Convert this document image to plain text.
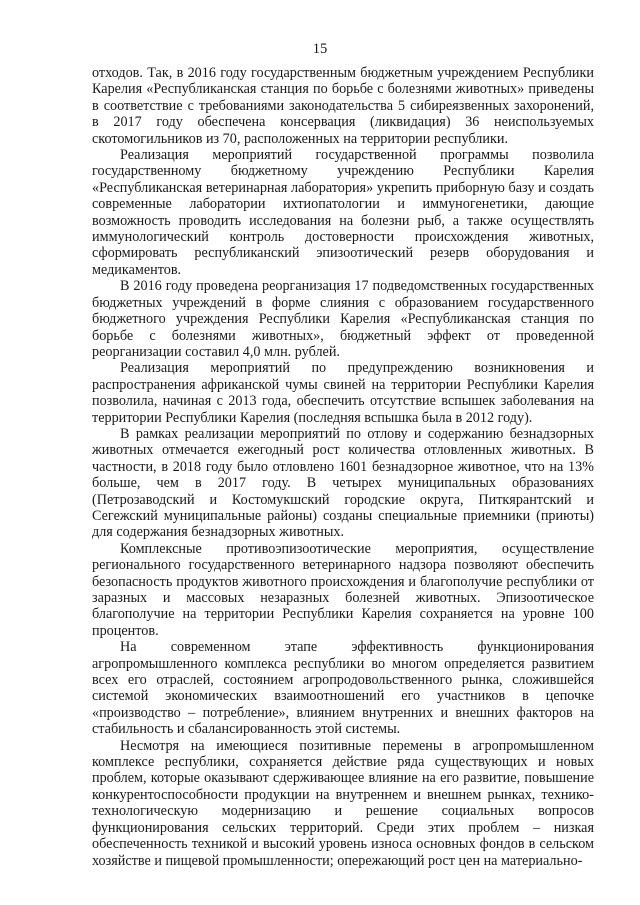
15

отходов. Так, в 2016 году государственным бюджетным учреждением Республики Карелия «Республиканская станция по борьбе с болезнями животных» приведены в соответствие с требованиями законодательства 5 сибиреязвенных захоронений, в 2017 году обеспечена консервация (ликвидация) 36 неиспользуемых скотомогильников из 70, расположенных на территории республики.

Реализация мероприятий государственной программы позволила государственному бюджетному учреждению Республики Карелия «Республиканская ветеринарная лаборатория» укрепить приборную базу и создать современные лаборатории ихтиопатологии и иммуногенетики, дающие возможность проводить исследования на болезни рыб, а также осуществлять иммунологический контроль достоверности происхождения животных, сформировать республиканский эпизоотический резерв оборудования и медикаментов.

В 2016 году проведена реорганизация 17 подведомственных государственных бюджетных учреждений в форме слияния с образованием государственного бюджетного учреждения Республики Карелия «Республиканская станция по борьбе с болезнями животных», бюджетный эффект от проведенной реорганизации составил 4,0 млн. рублей.

Реализация мероприятий по предупреждению возникновения и распространения африканской чумы свиней на территории Республики Карелия позволила, начиная с 2013 года, обеспечить отсутствие вспышек заболевания на территории Республики Карелия (последняя вспышка была в 2012 году).

В рамках реализации мероприятий по отлову и содержанию безнадзорных животных отмечается ежегодный рост количества отловленных животных. В частности, в 2018 году было отловлено 1601 безнадзорное животное, что на 13% больше, чем в 2017 году. В четырех муниципальных образованиях (Петрозаводский и Костомукшский городские округа, Питкярантский и Сегежский муниципальные районы) созданы специальные приемники (приюты) для содержания безнадзорных животных.

Комплексные противоэпизоотические мероприятия, осуществление регионального государственного ветеринарного надзора позволяют обеспечить безопасность продуктов животного происхождения и благополучие республики от заразных и массовых незаразных болезней животных. Эпизоотическое благополучие на территории Республики Карелия сохраняется на уровне 100 процентов.

На современном этапе эффективность функционирования агропромышленного комплекса республики во многом определяется развитием всех его отраслей, состоянием агропродовольственного рынка, сложившейся системой экономических взаимоотношений его участников в цепочке «производство – потребление», влиянием внутренних и внешних факторов на стабильность и сбалансированность этой системы.

Несмотря на имеющиеся позитивные перемены в агропромышленном комплексе республики, сохраняется действие ряда существующих и новых проблем, которые оказывают сдерживающее влияние на его развитие, повышение конкурентоспособности продукции на внутреннем и внешнем рынках, технико-технологическую модернизацию и решение социальных вопросов функционирования сельских территорий. Среди этих проблем – низкая обеспеченность техникой и высокий уровень износа основных фондов в сельском хозяйстве и пищевой промышленности; опережающий рост цен на материально-
